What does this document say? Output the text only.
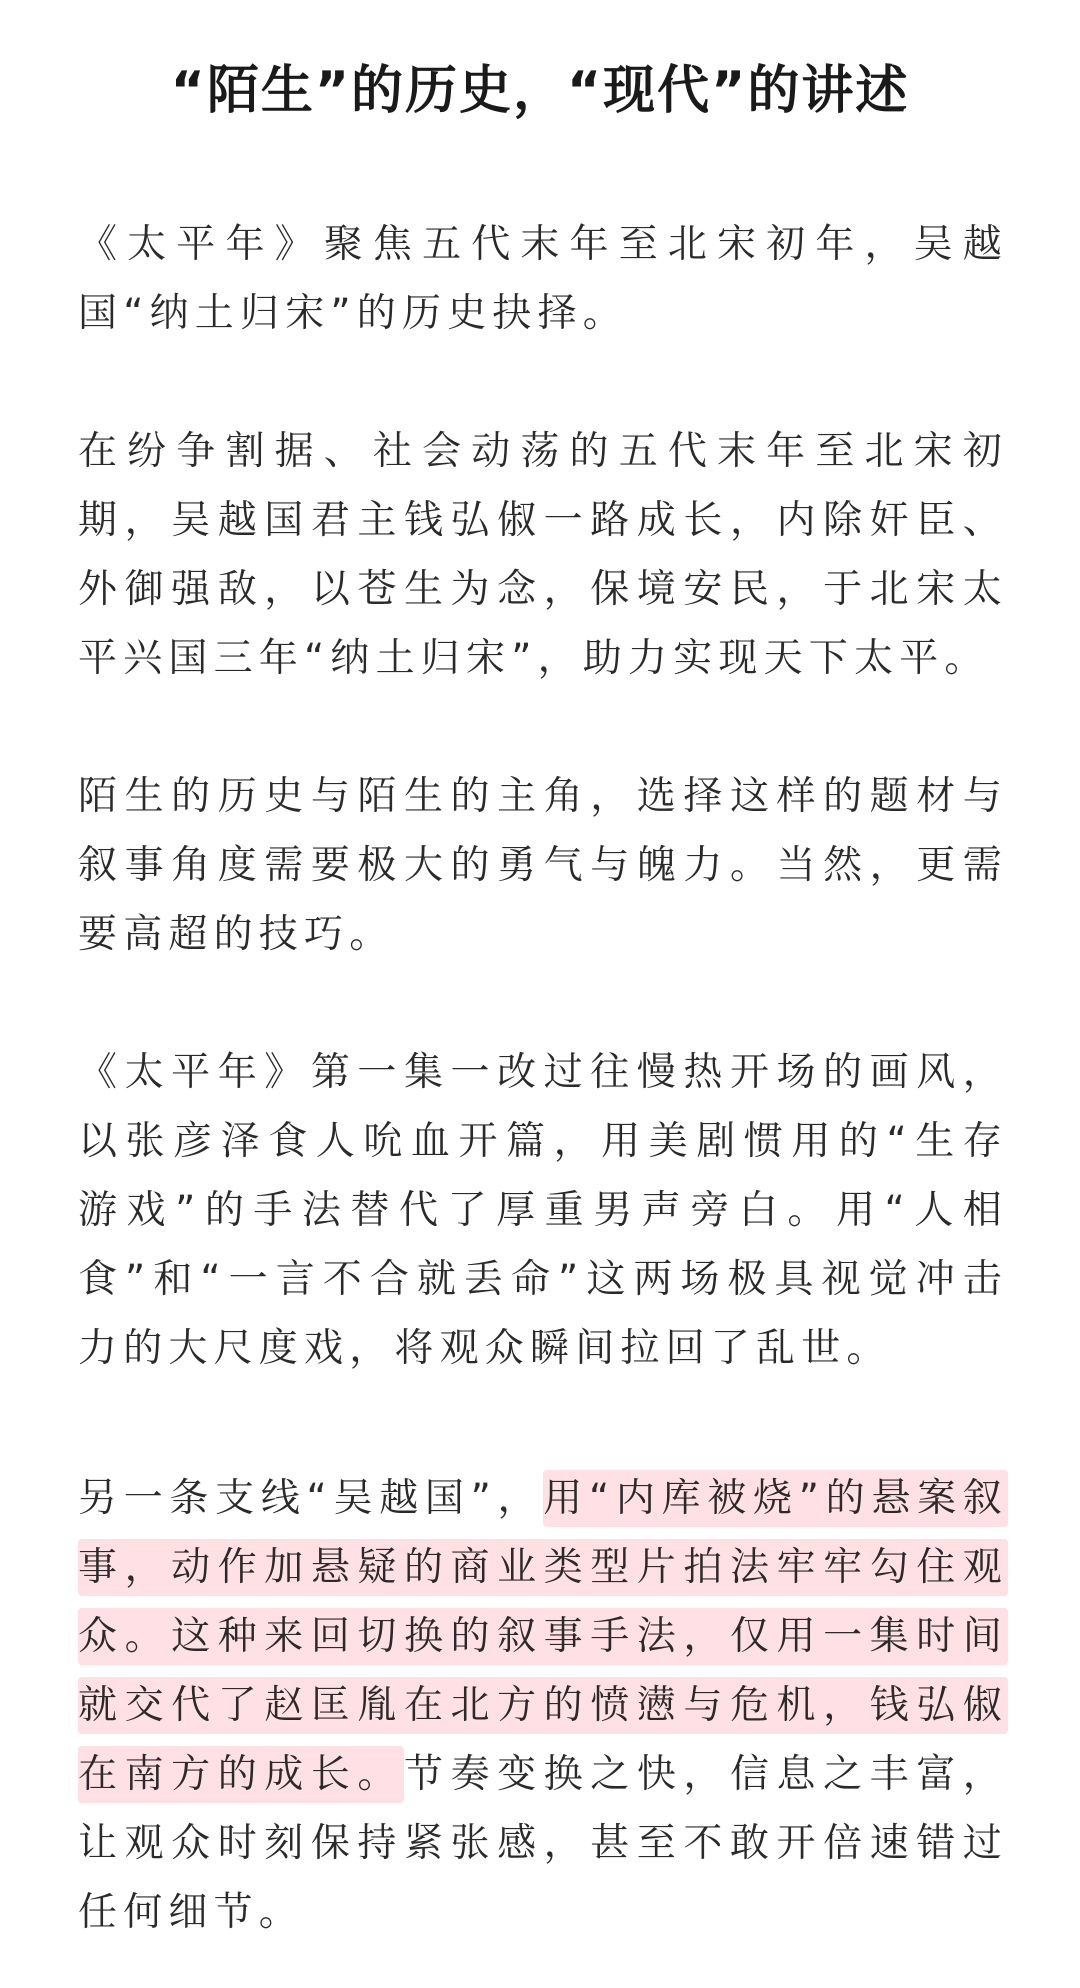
“陌生”的历史，“现代”的讲述

《太平年》聚焦五代末年至北宋初年，吴越国“纳土归宋”的历史抉择。

在纷争割据、社会动荡的五代末年至北宋初期，吴越国君主钱弘俶一路成长，内除奸臣、外御强敌，以苍生为念，保境安民，于北宋太平兴国三年“纳土归宋”，助力实现天下太平。

陌生的历史与陌生的主角，选择这样的题材与叙事角度需要极大的勇气与魄力。当然，更需要高超的技巧。

《太平年》第一集一改过往慢热开场的画风，以张彦泽食人吮血开篇，用美剧惯用的“生存游戏”的手法替代了厚重男声旁白。用“人相食”和“一言不合就丢命”这两场极具视觉冲击力的大尺度戏，将观众瞬间拉回了乱世。

另一条支线“吴越国”，用“内库被烧”的悬案叙事，动作加悬疑的商业类型片拍法牢牢勾住观众。这种来回切换的叙事手法，仅用一集时间就交代了赵匡胤在北方的愤懑与危机，钱弘俶在南方的成长。节奏变换之快，信息之丰富，让观众时刻保持紧张感，甚至不敢开倍速错过任何细节。
